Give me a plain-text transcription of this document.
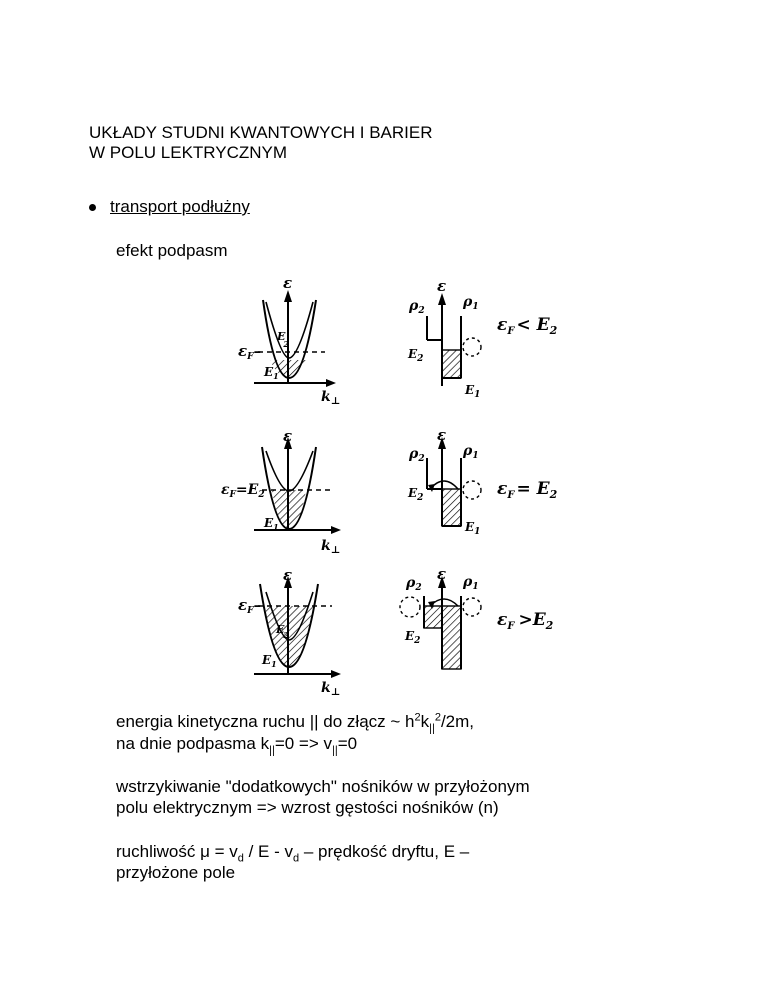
UKŁADY STUDNI KWANTOWYCH I BARIER
W POLU LEKTRYCZNYM
transport podłużny
efekt podpasm
ε
$\varepsilon_F-$
E 2
$E_1$
$k_\perp$
ε
$\rho_2$
$\rho_1$
$E_2$
$E_1$
$\varepsilon_F < E_2$
ε
$\varepsilon_F=E_2$
$E_1$
$k_\perp$
ε
$\rho_2$	$\rho_1$
$E_2$
$E_1$
$\varepsilon_F = E_2$
ε
$\varepsilon_F-$
E2
$E_1$
$k_\perp$
ε
$\rho_2$	$\rho_1$
$E_2$
$\varepsilon_F >E_2$
energia kinetyczna ruchu || do złącz ~ $h^2k_{||}^2/2m$,
na dnie podpasma $k_{||}=0 => v_{||}=0$
wstrzykiwanie "dodatkowych" nośników w przyłożonym
polu elektrycznym => wzrost gęstości nośników (n)
ruchliwość $\mu = v_d / E - v_d$ – prędkość dryftu, E –
przyłożone pole
